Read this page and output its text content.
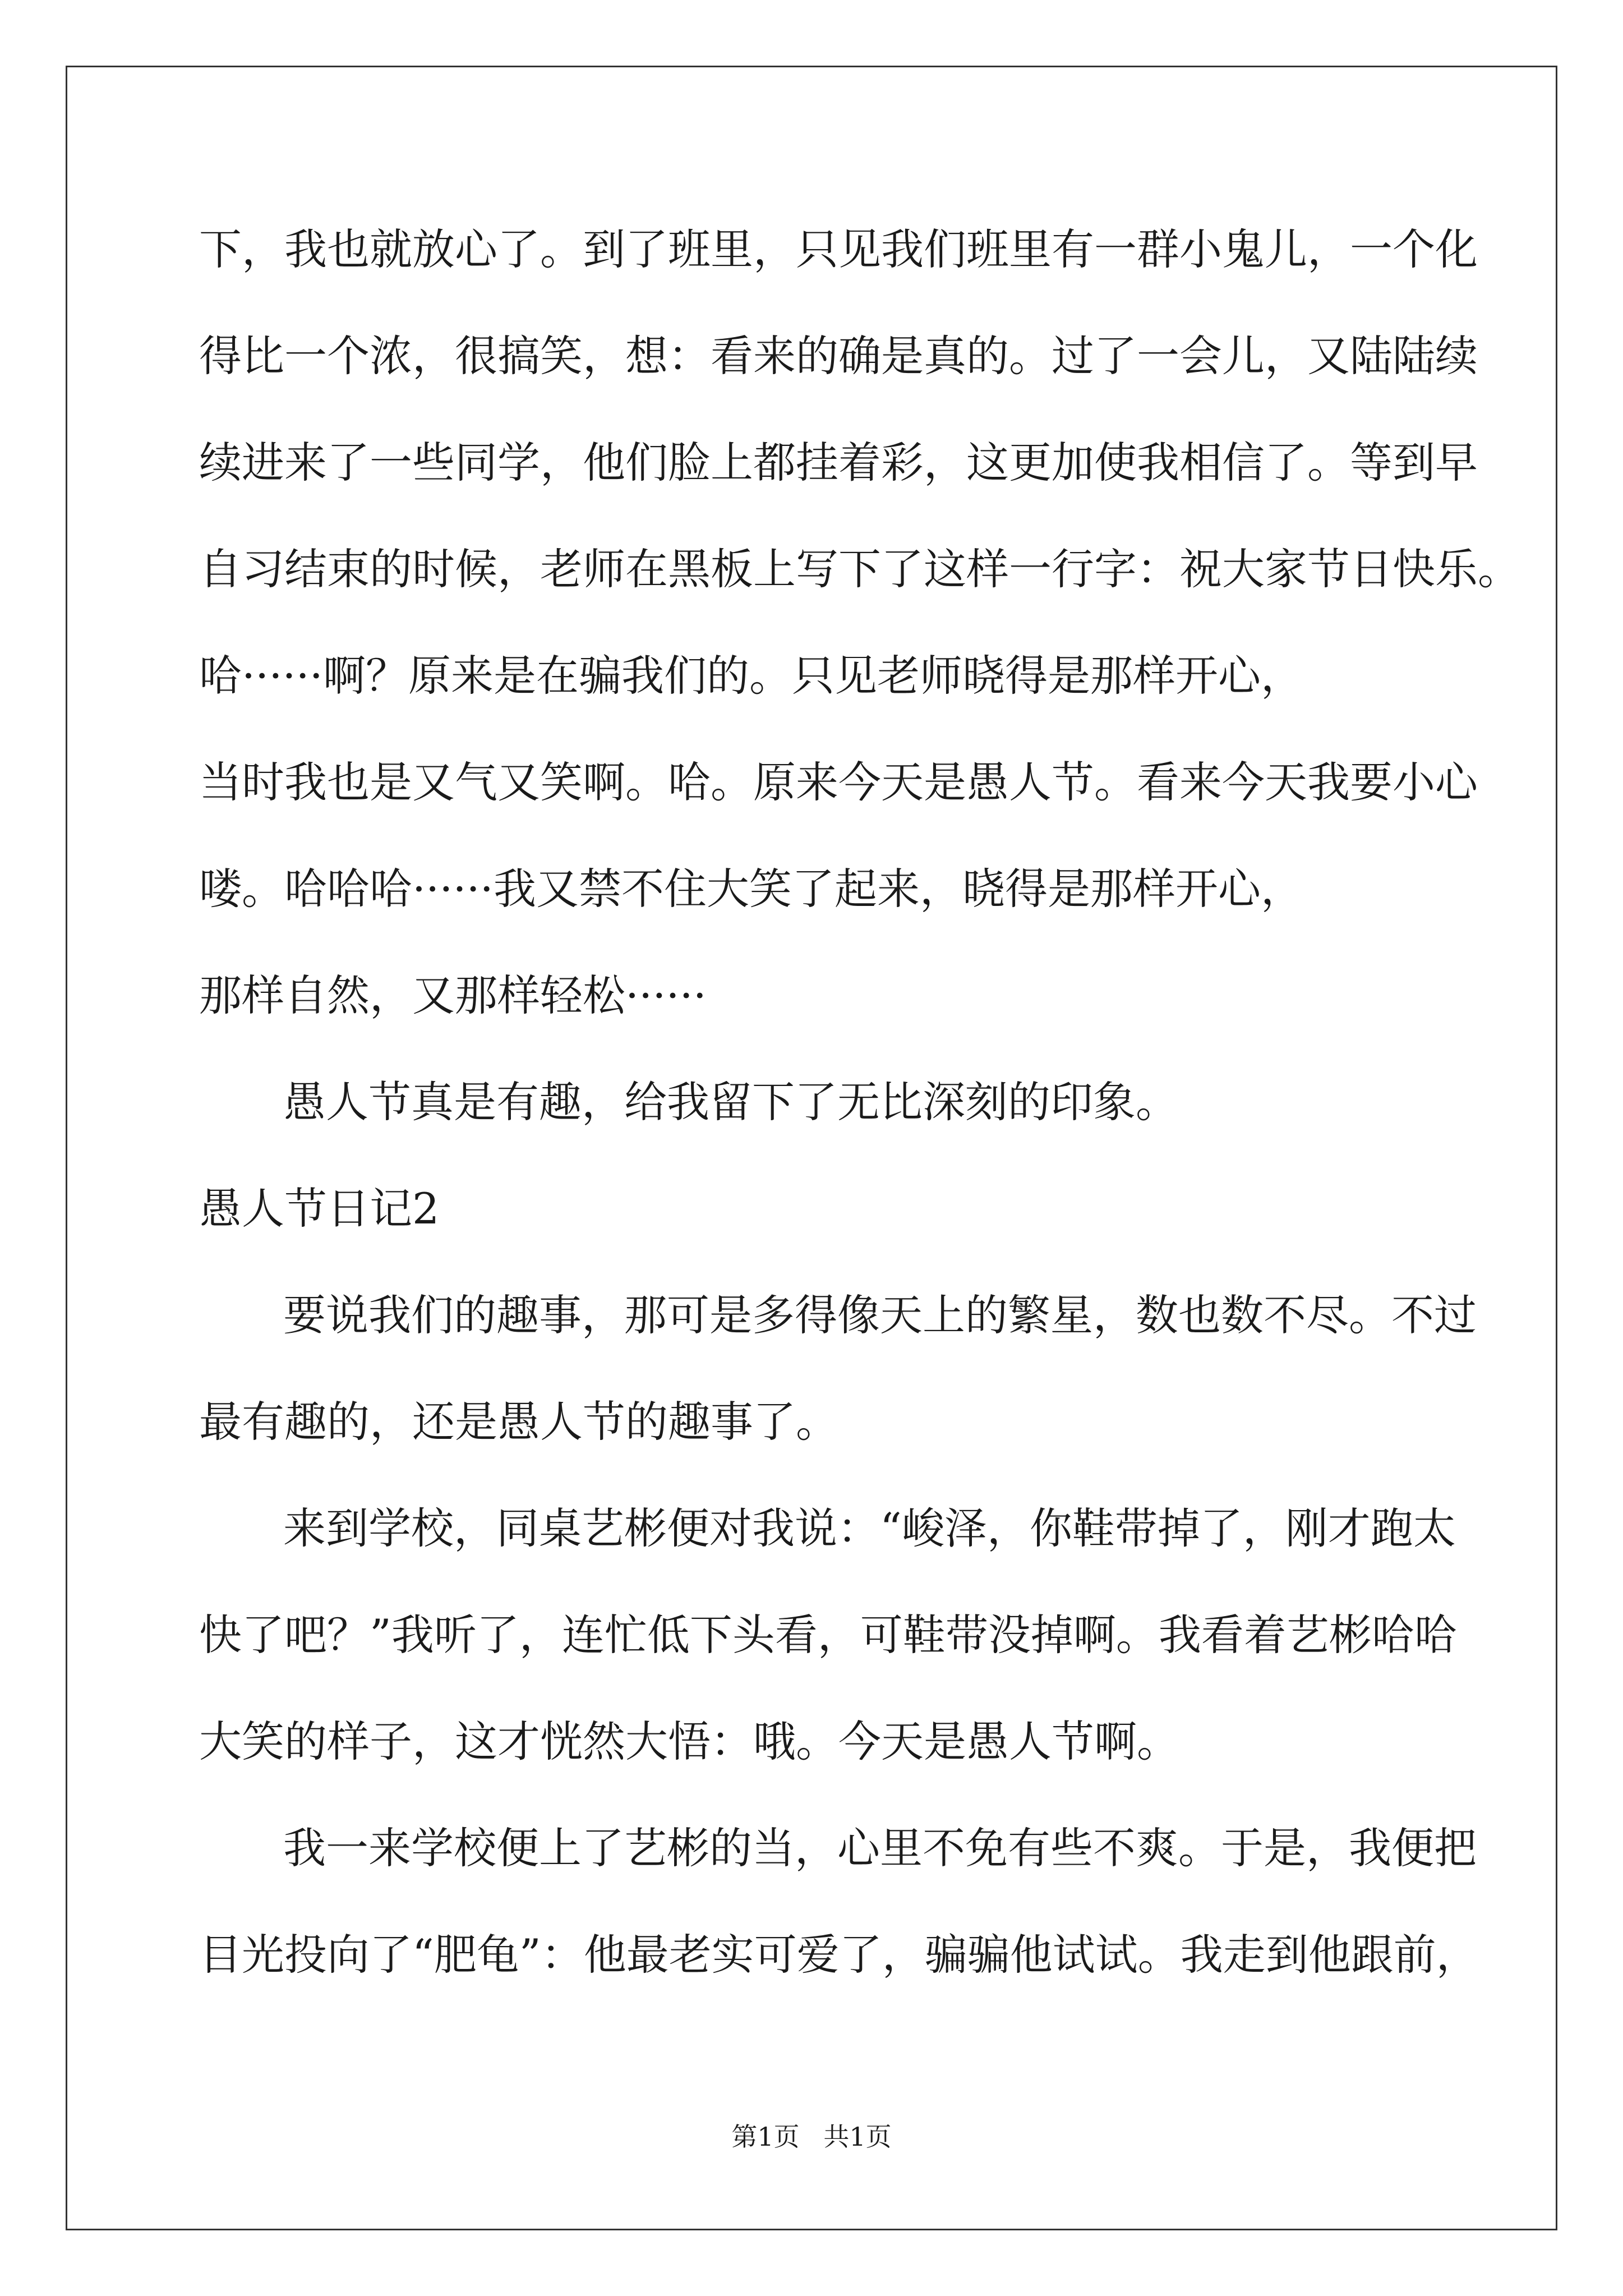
下，我也就放心了。到了班里，只见我们班里有一群小鬼儿，一个化
得比一个浓，很搞笑，想：看来的确是真的。过了一会儿，又陆陆续
续进来了一些同学，他们脸上都挂着彩，这更加使我相信了。等到早
自习结束的时候，老师在黑板上写下了这样一行字：祝大家节日快乐。
哈······啊？原来是在骗我们的。只见老师晓得是那样开心，
当时我也是又气又笑啊。哈。原来今天是愚人节。看来今天我要小心
喽。哈哈哈······我又禁不住大笑了起来，晓得是那样开心，
那样自然，又那样轻松······
愚人节真是有趣，给我留下了无比深刻的印象。
愚人节日记2
要说我们的趣事，那可是多得像天上的繁星，数也数不尽。不过
最有趣的，还是愚人节的趣事了。
来到学校，同桌艺彬便对我说：“峻泽，你鞋带掉了，刚才跑太
快了吧？”我听了，连忙低下头看，可鞋带没掉啊。我看着艺彬哈哈
大笑的样子，这才恍然大悟：哦。今天是愚人节啊。
我一来学校便上了艺彬的当，心里不免有些不爽。于是，我便把
目光投向了“肥龟”：他最老实可爱了，骗骗他试试。我走到他跟前，
第1页 共1页
